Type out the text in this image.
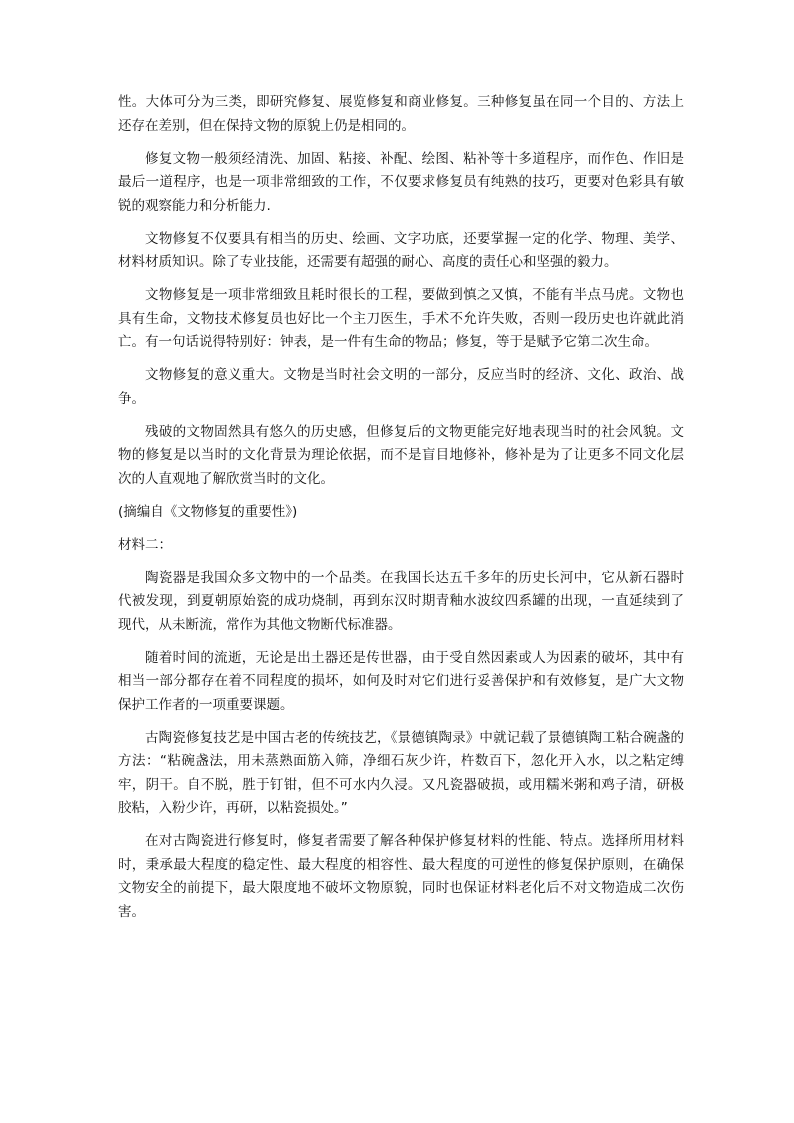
性。大体可分为三类，即研究修复、展览修复和商业修复。三种修复虽在同一个目的、方法上还存在差别，但在保持文物的原貌上仍是相同的。

修复文物一般须经清洗、加固、粘接、补配、绘图、粘补等十多道程序，而作色、作旧是最后一道程序，也是一项非常细致的工作，不仅要求修复员有纯熟的技巧，更要对色彩具有敏锐的观察能力和分析能力.

文物修复不仅要具有相当的历史、绘画、文字功底，还要掌握一定的化学、物理、美学、材料材质知识。除了专业技能，还需要有超强的耐心、高度的责任心和坚强的毅力。

文物修复是一项非常细致且耗时很长的工程，要做到慎之又慎，不能有半点马虎。文物也具有生命，文物技术修复员也好比一个主刀医生，手术不允许失败，否则一段历史也许就此消亡。有一句话说得特别好：钟表，是一件有生命的物品；修复，等于是赋予它第二次生命。

文物修复的意义重大。文物是当时社会文明的一部分，反应当时的经济、文化、政治、战争。

残破的文物固然具有悠久的历史感，但修复后的文物更能完好地表现当时的社会风貌。文物的修复是以当时的文化背景为理论依据，而不是盲目地修补，修补是为了让更多不同文化层次的人直观地了解欣赏当时的文化。

(摘编自《文物修复的重要性》)

材料二：

陶瓷器是我国众多文物中的一个品类。在我国长达五千多年的历史长河中，它从新石器时代被发现，到夏朝原始瓷的成功烧制，再到东汉时期青釉水波纹四系罐的出现，一直延续到了现代，从未断流，常作为其他文物断代标准器。

随着时间的流逝，无论是出土器还是传世器，由于受自然因素或人为因素的破坏，其中有相当一部分都存在着不同程度的损坏，如何及时对它们进行妥善保护和有效修复，是广大文物保护工作者的一项重要课题。

古陶瓷修复技艺是中国古老的传统技艺，《景德镇陶录》中就记载了景德镇陶工粘合碗盏的方法：“粘碗盏法，用未蒸熟面筋入筛，净细石灰少许，杵数百下，忽化开入水，以之粘定缚牢，阴干。自不脱，胜于钉钳，但不可水内久浸。又凡瓷器破损，或用糯米粥和鸡子清，研极胶粘，入粉少许，再研，以粘瓷损处。”

在对古陶瓷进行修复时，修复者需要了解各种保护修复材料的性能、特点。选择所用材料时，秉承最大程度的稳定性、最大程度的相容性、最大程度的可逆性的修复保护原则，在确保文物安全的前提下，最大限度地不破坏文物原貌，同时也保证材料老化后不对文物造成二次伤害。
